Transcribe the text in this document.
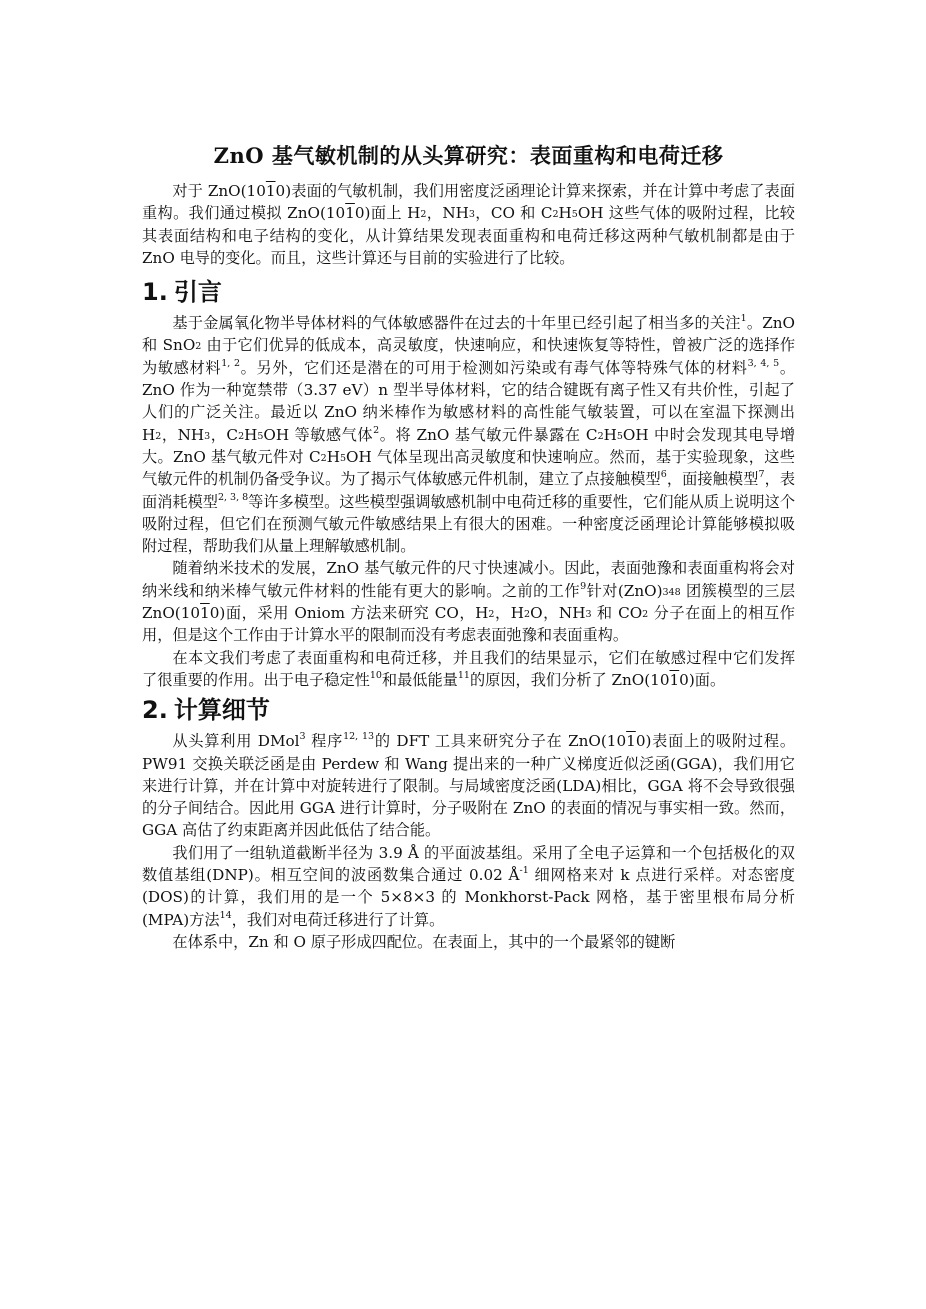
ZnO 基气敏机制的从头算研究：表面重构和电荷迁移

对于 ZnO(1010)表面的气敏机制，我们用密度泛函理论计算来探索，并在计算中考虑了表面重构。我们通过模拟 ZnO(1010)面上 $H_2$，$NH_3$，CO 和 $C_2H_5OH$ 这些气体的吸附过程，比较其表面结构和电子结构的变化，从计算结果发现表面重构和电荷迁移这两种气敏机制都是由于 ZnO 电导的变化。而且，这些计算还与目前的实验进行了比较。

1. 引言

基于金属氧化物半导体材料的气体敏感器件在过去的十年里已经引起了相当多的关注$^1$。ZnO 和 SnO$_2$ 由于它们优异的低成本，高灵敏度，快速响应，和快速恢复等特性，曾被广泛的选择作为敏感材料$^{1, 2}$。另外，它们还是潜在的可用于检测如污染或有毒气体等特殊气体的材料$^{3, 4, 5}$。ZnO 作为一种宽禁带（3.37 eV）n 型半导体材料，它的结合键既有离子性又有共价性，引起了人们的广泛关注。最近以 ZnO 纳米棒作为敏感材料的高性能气敏装置，可以在室温下探测出 $H_2$，$NH_3$，$C_2H_5OH$ 等敏感气体$^2$。将 ZnO 基气敏元件暴露在 $C_2H_5OH$ 中时会发现其电导增大。ZnO 基气敏元件对 $C_2H_5OH$ 气体呈现出高灵敏度和快速响应。然而，基于实验现象，这些气敏元件的机制仍备受争议。为了揭示气体敏感元件机制，建立了点接触模型$^6$，面接触模型$^7$，表面消耗模型$^{2, 3, 8}$等许多模型。这些模型强调敏感机制中电荷迁移的重要性，它们能从质上说明这个吸附过程，但它们在预测气敏元件敏感结果上有很大的困难。一种密度泛函理论计算能够模拟吸附过程，帮助我们从量上理解敏感机制。

随着纳米技术的发展，ZnO 基气敏元件的尺寸快速减小。因此，表面弛豫和表面重构将会对纳米线和纳米棒气敏元件材料的性能有更大的影响。之前的工作$^9$针对$(ZnO)_{348}$ 团簇模型的三层 ZnO(1010)面，采用 Oniom 方法来研究 CO，$H_2$，$H_2O$，$NH_3$ 和 $CO_2$ 分子在面上的相互作用，但是这个工作由于计算水平的限制而没有考虑表面弛豫和表面重构。

在本文我们考虑了表面重构和电荷迁移，并且我们的结果显示，它们在敏感过程中它们发挥了很重要的作用。出于电子稳定性$^{10}$和最低能量$^{11}$的原因，我们分析了 ZnO(1010)面。

2. 计算细节

从头算利用 DMol$^3$ 程序$^{12, 13}$的 DFT 工具来研究分子在 ZnO(1010)表面上的吸附过程。PW91 交换关联泛函是由 Perdew 和 Wang 提出来的一种广义梯度近似泛函(GGA)，我们用它来进行计算，并在计算中对旋转进行了限制。与局域密度泛函(LDA)相比，GGA 将不会导致很强的分子间结合。因此用 GGA 进行计算时，分子吸附在 ZnO 的表面的情况与事实相一致。然而，GGA 高估了约束距离并因此低估了结合能。

我们用了一组轨道截断半径为 3.9 Å 的平面波基组。采用了全电子运算和一个包括极化的双数值基组(DNP)。相互空间的波函数集合通过 0.02 $Å^{-1}$ 细网格来对 k 点进行采样。对态密度(DOS)的计算，我们用的是一个 5×8×3 的 Monkhorst-Pack 网格，基于密里根布局分析(MPA)方法$^{14}$，我们对电荷迁移进行了计算。

在体系中，Zn 和 O 原子形成四配位。在表面上，其中的一个最紧邻的键断
